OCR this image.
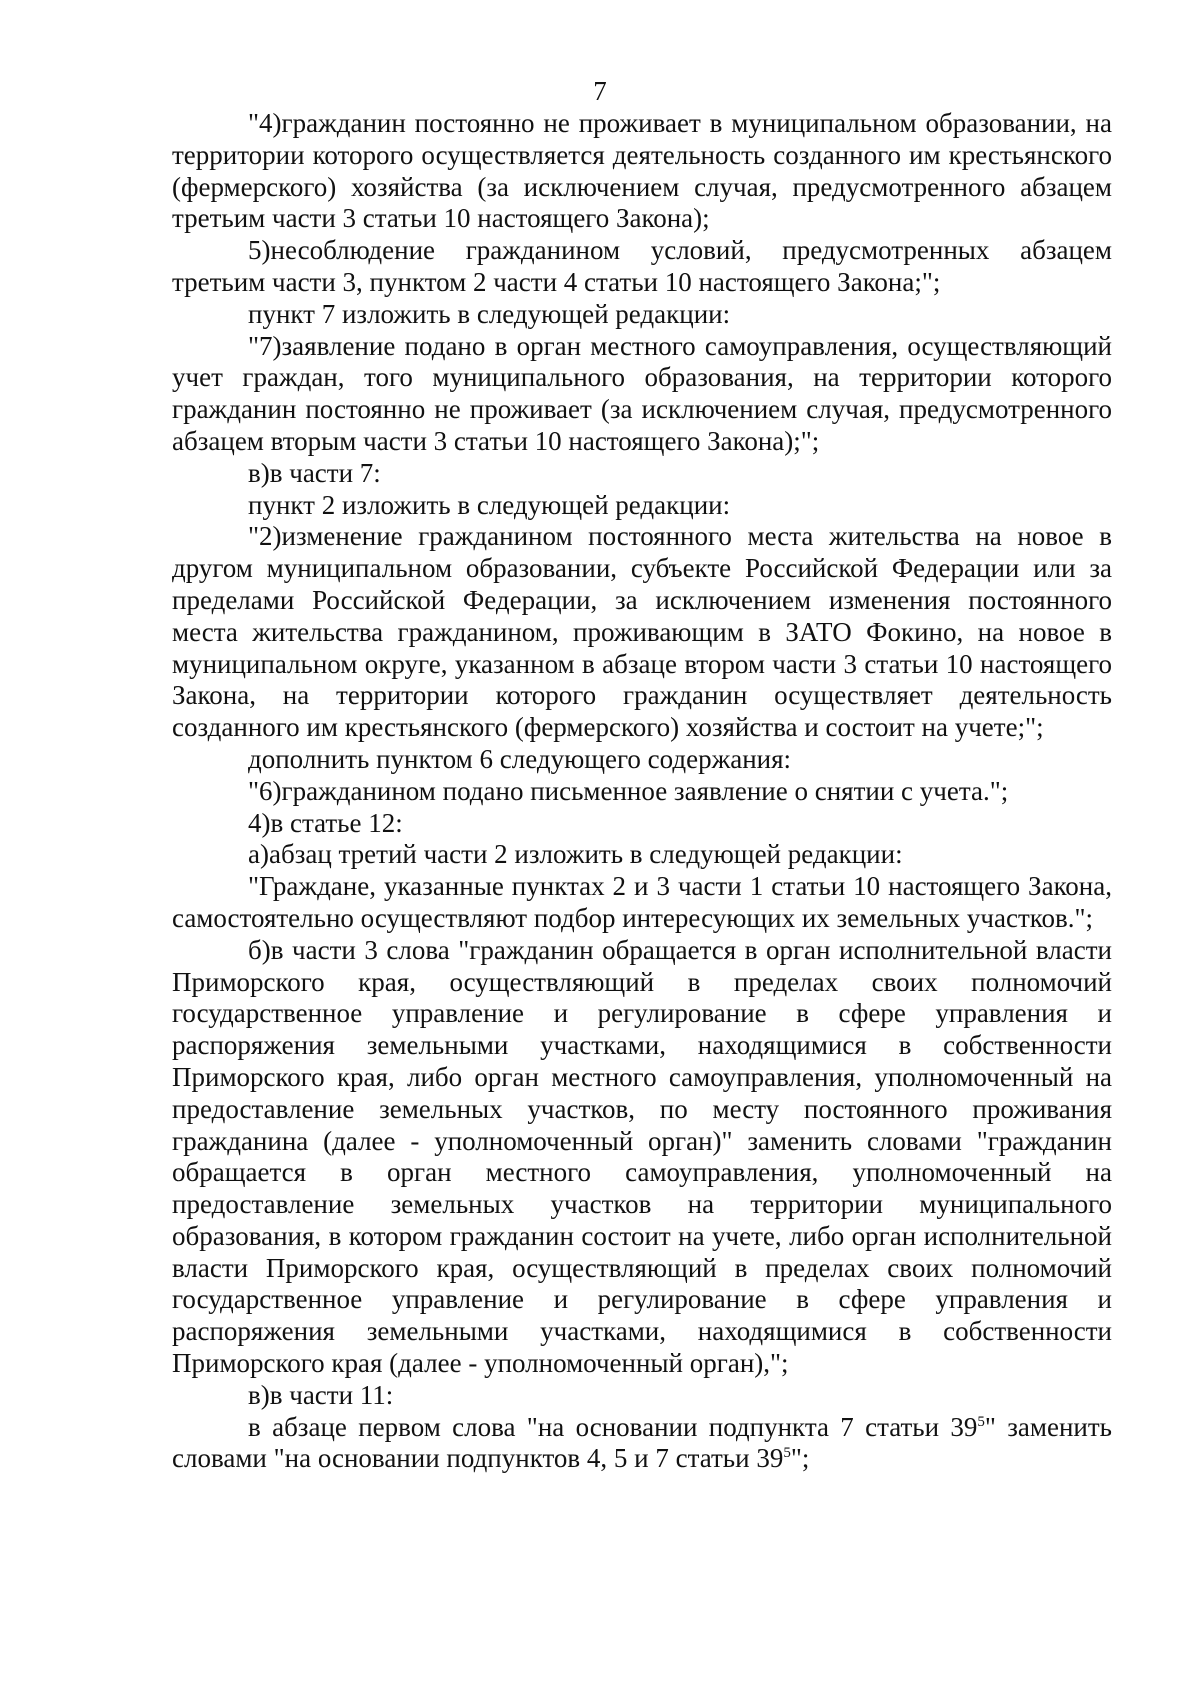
7

"4)гражданин постоянно не проживает в муниципальном образовании, на территории которого осуществляется деятельность созданного им крестьянского (фермерского) хозяйства (за исключением случая, предусмотренного абзацем третьим части 3 статьи 10 настоящего Закона);

5)несоблюдение гражданином условий, предусмотренных абзацем третьим части 3, пунктом 2 части 4 статьи 10 настоящего Закона;";

пункт 7 изложить в следующей редакции:

"7)заявление подано в орган местного самоуправления, осуществляющий учет граждан, того муниципального образования, на территории которого гражданин постоянно не проживает (за исключением случая, предусмотренного абзацем вторым части 3 статьи 10 настоящего Закона);";

в)в части 7:

пункт 2 изложить в следующей редакции:

"2)изменение гражданином постоянного места жительства на новое в другом муниципальном образовании, субъекте Российской Федерации или за пределами Российской Федерации, за исключением изменения постоянного места жительства гражданином, проживающим в ЗАТО Фокино, на новое в муниципальном округе, указанном в абзаце втором части 3 статьи 10 настоящего Закона, на территории которого гражданин осуществляет деятельность созданного им крестьянского (фермерского) хозяйства и состоит на учете;";

дополнить пунктом 6 следующего содержания:

"6)гражданином подано письменное заявление о снятии с учета.";

4)в статье 12:

а)абзац третий части 2 изложить в следующей редакции:

"Граждане, указанные пунктах 2 и 3 части 1 статьи 10 настоящего Закона, самостоятельно осуществляют подбор интересующих их земельных участков.";

б)в части 3 слова "гражданин обращается в орган исполнительной власти Приморского края, осуществляющий в пределах своих полномочий государственное управление и регулирование в сфере управления и распоряжения земельными участками, находящимися в собственности Приморского края, либо орган местного самоуправления, уполномоченный на предоставление земельных участков, по месту постоянного проживания гражданина (далее - уполномоченный орган)" заменить словами "гражданин обращается в орган местного самоуправления, уполномоченный на предоставление земельных участков на территории муниципального образования, в котором гражданин состоит на учете, либо орган исполнительной власти Приморского края, осуществляющий в пределах своих полномочий государственное управление и регулирование в сфере управления и распоряжения земельными участками, находящимися в собственности Приморского края (далее - уполномоченный орган),";

в)в части 11:

в абзаце первом слова "на основании подпункта 7 статьи $39^5$" заменить словами "на основании подпунктов 4, 5 и 7 статьи $39^5$";
